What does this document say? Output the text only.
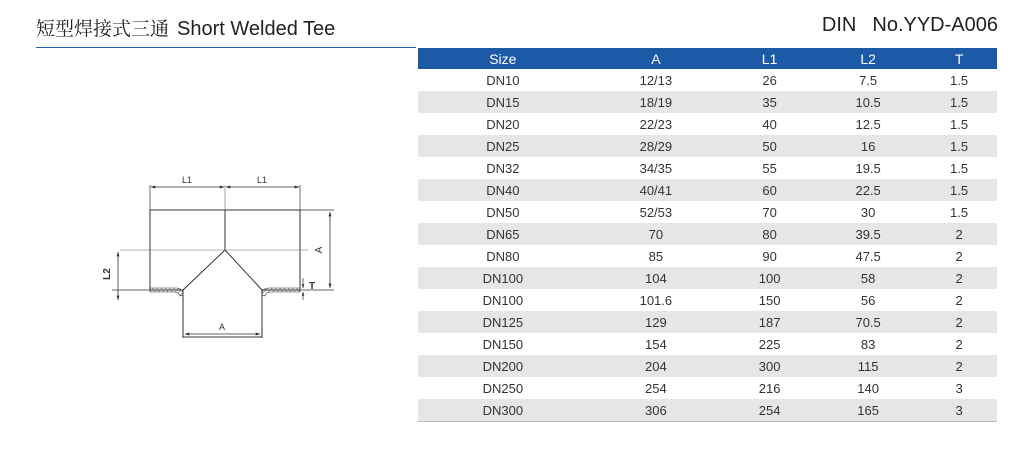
短型焊接式三通 Short Welded Tee	DIN No.YYD-A006
L1	L1
A
L2
T
A
Size	A	L1	L2	T
DN10	12/13	26	7.5	1.5
DN15	18/19	35	10.5	1.5
DN20	22/23	40	12.5	1.5
DN25	28/29	50	16	1.5
DN32	34/35	55	19.5	1.5
DN40	40/41	60	22.5	1.5
DN50	52/53	70	30	1.5
DN65	70	80	39.5	2
DN80	85	90	47.5	2
DN100	104	100	58	2
DN100	101.6	150	56	2
DN125	129	187	70.5	2
DN150	154	225	83	2
DN200	204	300	115	2
DN250	254	216	140	3
DN300	306	254	165	3
